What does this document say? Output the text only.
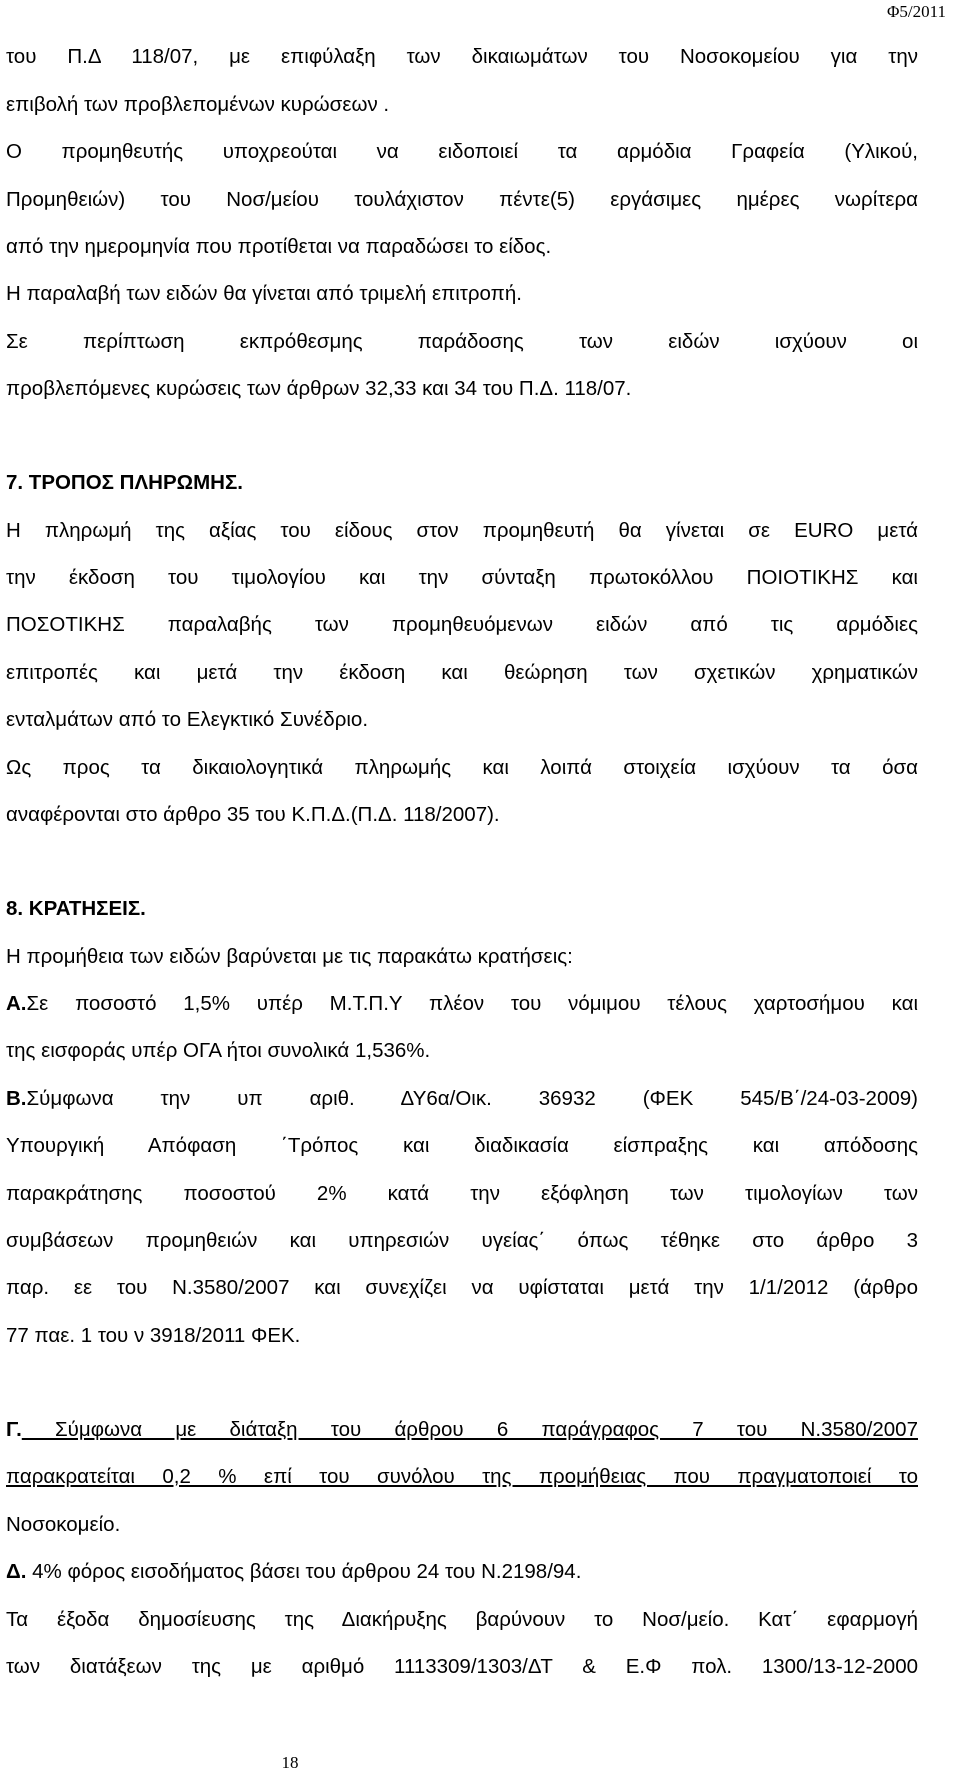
Φ5/2011
του Π.Δ 118/07, με επιφύλαξη των δικαιωμάτων του Νοσοκομείου για την
επιβολή των προβλεπομένων κυρώσεων .
Ο προμηθευτής υποχρεούται να ειδοποιεί τα αρμόδια Γραφεία (Υλικού,
Προμηθειών) του Νοσ/μείου τουλάχιστον πέντε(5) εργάσιμες ημέρες νωρίτερα
από την ημερομηνία που προτίθεται να παραδώσει το είδος.
Η παραλαβή των ειδών θα γίνεται από τριμελή επιτροπή.
Σε περίπτωση εκπρόθεσμης παράδοσης των ειδών ισχύουν οι
προβλεπόμενες κυρώσεις των άρθρων 32,33 και 34 του Π.Δ. 118/07.
7. ΤΡΟΠΟΣ ΠΛΗΡΩΜΗΣ.
Η πληρωμή της αξίας του είδους στον προμηθευτή θα γίνεται σε EURO μετά
την έκδοση του τιμολογίου και την σύνταξη πρωτοκόλλου ΠΟΙΟΤΙΚΗΣ και
ΠΟΣΟΤΙΚΗΣ παραλαβής των προμηθευόμενων ειδών από τις αρμόδιες
επιτροπές και μετά την έκδοση και θεώρηση των σχετικών χρηματικών
ενταλμάτων από το Ελεγκτικό Συνέδριο.
Ως προς τα δικαιολογητικά πληρωμής και λοιπά στοιχεία ισχύουν τα όσα
αναφέρονται στο άρθρο 35 του Κ.Π.Δ.(Π.Δ. 118/2007).
8. ΚΡΑΤΗΣΕΙΣ.
Η προμήθεια των ειδών βαρύνεται με τις παρακάτω κρατήσεις:
Α.Σε ποσοστό 1,5% υπέρ Μ.Τ.Π.Υ πλέον του νόμιμου τέλους χαρτοσήμου και
της εισφοράς υπέρ ΟΓΑ ήτοι συνολικά 1,536%.
Β.Σύμφωνα την υπ αριθ. ΔΥ6α/Οικ. 36932 (ΦΕΚ 545/Β΄/24-03-2009)
Υπουργική Απόφαση ΄Τρόπος και διαδικασία είσπραξης και απόδοσης
παρακράτησης ποσοστού 2% κατά την εξόφληση των τιμολογίων των
συμβάσεων προμηθειών και υπηρεσιών υγείας΄ όπως τέθηκε στο άρθρο 3
παρ. εε του Ν.3580/2007 και συνεχίζει να υφίσταται μετά την 1/1/2012 (άρθρο
77 παε. 1 του ν 3918/2011 ΦΕΚ.
Γ. Σύμφωνα με διάταξη του άρθρου 6 παράγραφος 7 του Ν.3580/2007
παρακρατείται 0,2 % επί του συνόλου της προμήθειας που πραγματοποιεί το
Νοσοκομείο.
Δ. 4% φόρος εισοδήματος βάσει του άρθρου 24 του Ν.2198/94.
Τα έξοδα δημοσίευσης της Διακήρυξης βαρύνουν το Νοσ/μείο. Κατ΄ εφαρμογή
των διατάξεων της με αριθμό 1113309/1303/ΔΤ & Ε.Φ πολ. 1300/13-12-2000
18
